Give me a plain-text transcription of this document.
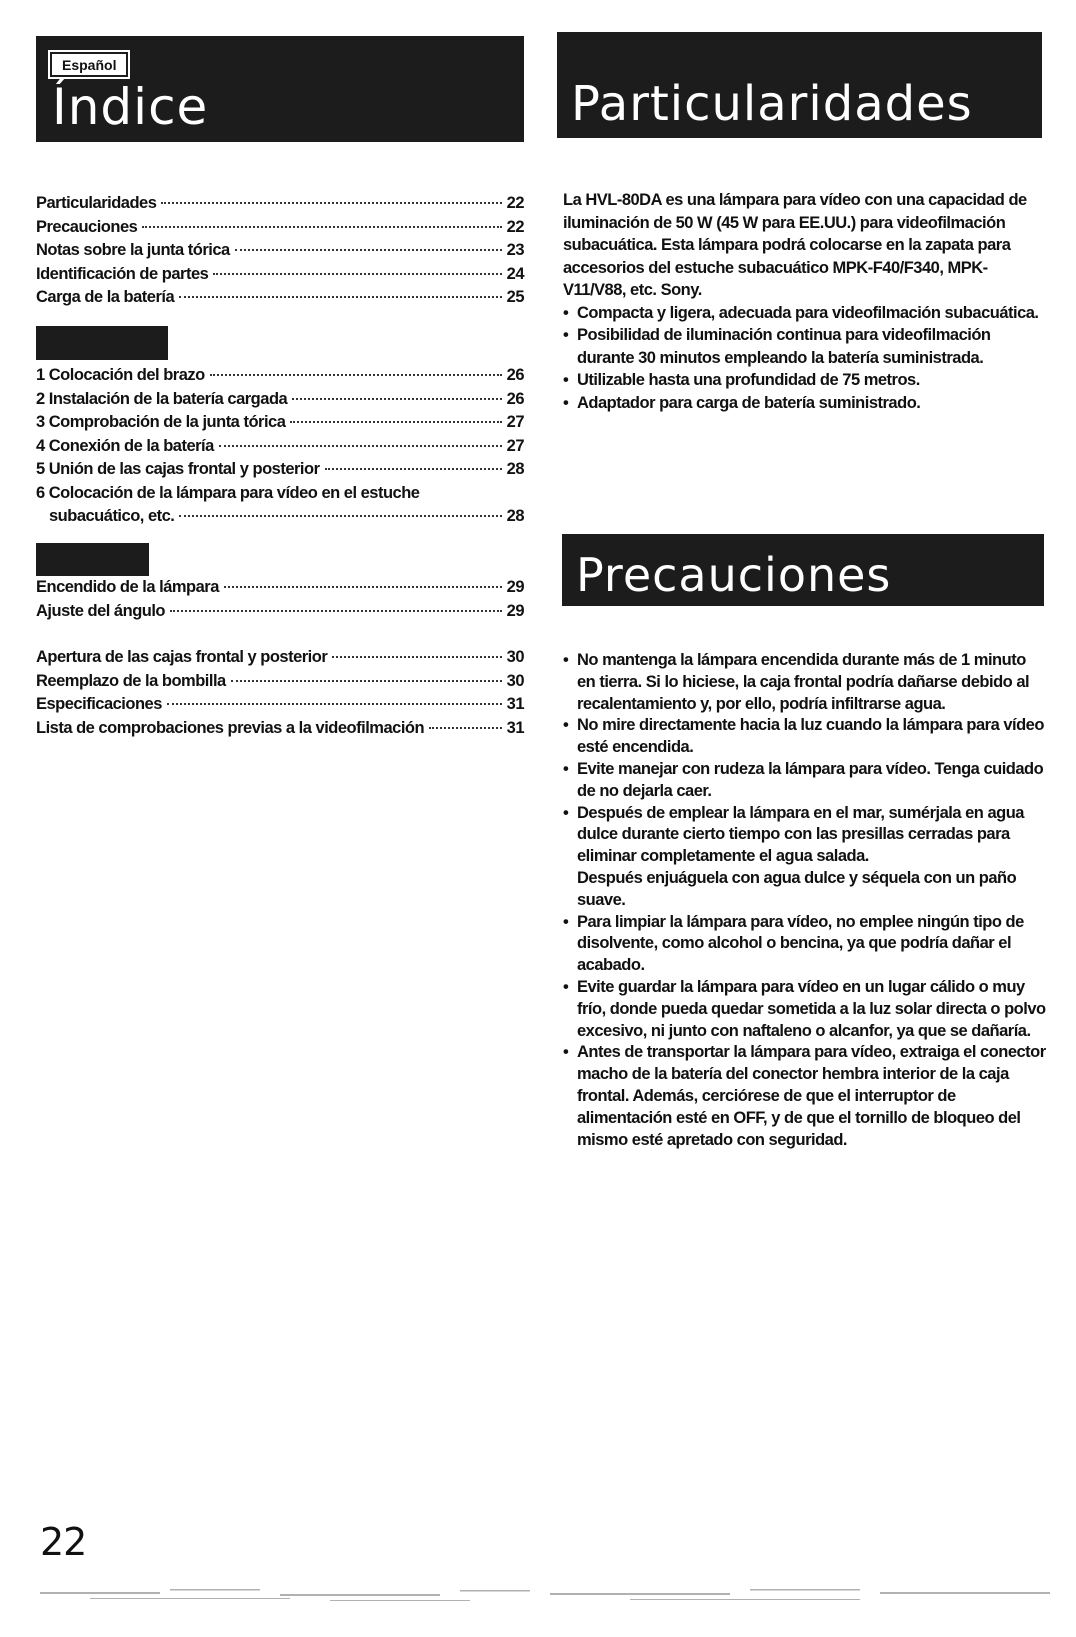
Español
Índice	Particularidades
Precauciones
Particularidades	22
Precauciones	22
Notas sobre la junta tórica	23
Identificación de partes	24
Carga de la batería	25
1 Colocación del brazo	26
2 Instalación de la batería cargada	26
3 Comprobación de la junta tórica	27
4 Conexión de la batería	27
5 Unión de las cajas frontal y posterior	28
6 Colocación de la lámpara para vídeo en el estuche
subacuático, etc.	28
Encendido de la lámpara	29
Ajuste del ángulo	29
Apertura de las cajas frontal y posterior	30
Reemplazo de la bombilla	30
Especificaciones	31
Lista de comprobaciones previas a la videofilmación	31

La HVL-80DA es una lámpara para vídeo con una capacidad de iluminación de 50 W (45 W para EE.UU.) para videofilmación subacuática. Esta lámpara podrá colocarse en la zapata para accesorios del estuche subacuático MPK-F40/F340, MPK-V11/V88, etc. Sony.

• Compacta y ligera, adecuada para videofilmación subacuática.
• Posibilidad de iluminación continua para videofilmación durante 30 minutos empleando la batería suministrada.
• Utilizable hasta una profundidad de 75 metros.
• Adaptador para carga de batería suministrado.
• No mantenga la lámpara encendida durante más de 1 minuto en tierra. Si lo hiciese, la caja frontal podría dañarse debido al recalentamiento y, por ello, podría infiltrarse agua.
• No mire directamente hacia la luz cuando la lámpara para vídeo esté encendida.
• Evite manejar con rudeza la lámpara para vídeo. Tenga cuidado de no dejarla caer.
• Después de emplear la lámpara en el mar, sumérjala en agua dulce durante cierto tiempo con las presillas cerradas para eliminar completamente el agua salada.
Después enjuáguela con agua dulce y séquela con un paño suave.
• Para limpiar la lámpara para vídeo, no emplee ningún tipo de disolvente, como alcohol o bencina, ya que podría dañar el acabado.
• Evite guardar la lámpara para vídeo en un lugar cálido o muy frío, donde pueda quedar sometida a la luz solar directa o polvo excesivo, ni junto con naftaleno o alcanfor, ya que se dañaría.
• Antes de transportar la lámpara para vídeo, extraiga el conector macho de la batería del conector hembra interior de la caja frontal. Además, cerciórese de que el interruptor de alimentación esté en OFF, y de que el tornillo de bloqueo del mismo esté apretado con seguridad.
22
